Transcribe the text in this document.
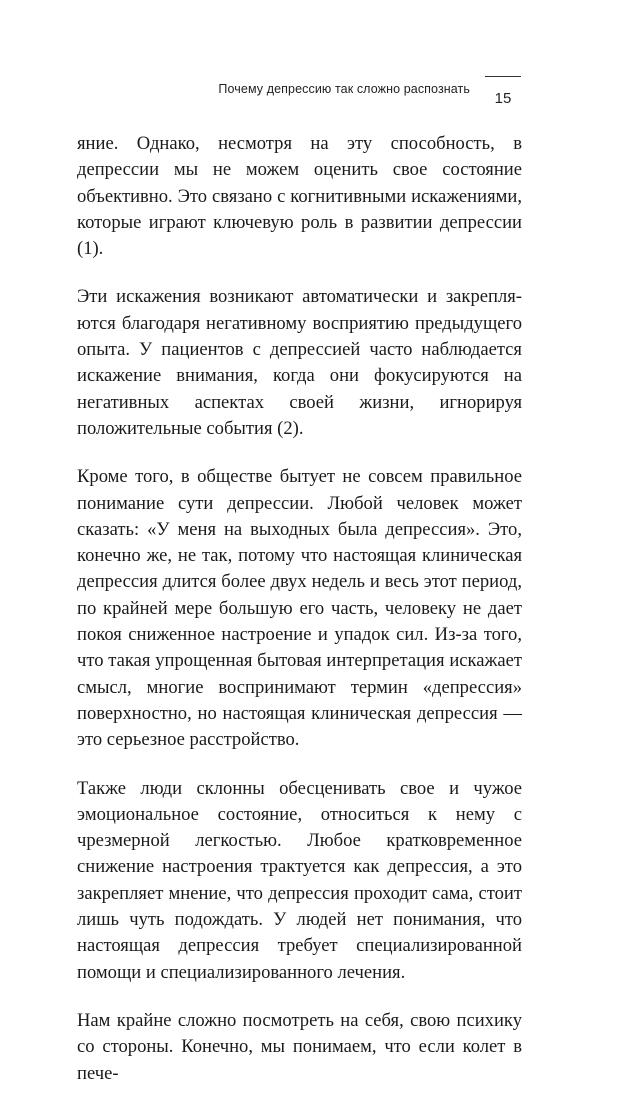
Почему депрессию так сложно распознать
15

яние. Однако, несмотря на эту способность, в депрессии мы не можем оценить свое состояние объективно. Это связано с когнитивными искажениями, которые играют ключевую роль в развитии депрессии (1).

Эти искажения возникают автоматически и закрепляются благодаря негативному восприятию предыдущего опыта. У пациентов с депрессией часто наблюдается искажение внимания, когда они фокусируются на негативных аспектах своей жизни, игнорируя положительные события (2).

Кроме того, в обществе бытует не совсем правильное понимание сути депрессии. Любой человек может сказать: «У меня на выходных была депрессия». Это, конечно же, не так, потому что настоящая клиническая депрессия длится более двух недель и весь этот период, по крайней мере большую его часть, человеку не дает покоя сниженное настроение и упадок сил. Из-за того, что такая упрощенная бытовая интерпретация искажает смысл, многие воспринимают термин «депрессия» поверхностно, но настоящая клиническая депрессия — это серьезное расстройство.

Также люди склонны обесценивать свое и чужое эмоциональное состояние, относиться к нему с чрезмерной легкостью. Любое кратковременное снижение настроения трактуется как депрессия, а это закрепляет мнение, что депрессия проходит сама, стоит лишь чуть подождать. У людей нет понимания, что настоящая депрессия требует специализированной помощи и специализированного лечения.

Нам крайне сложно посмотреть на себя, свою психику со стороны. Конечно, мы понимаем, что если колет в пече-
